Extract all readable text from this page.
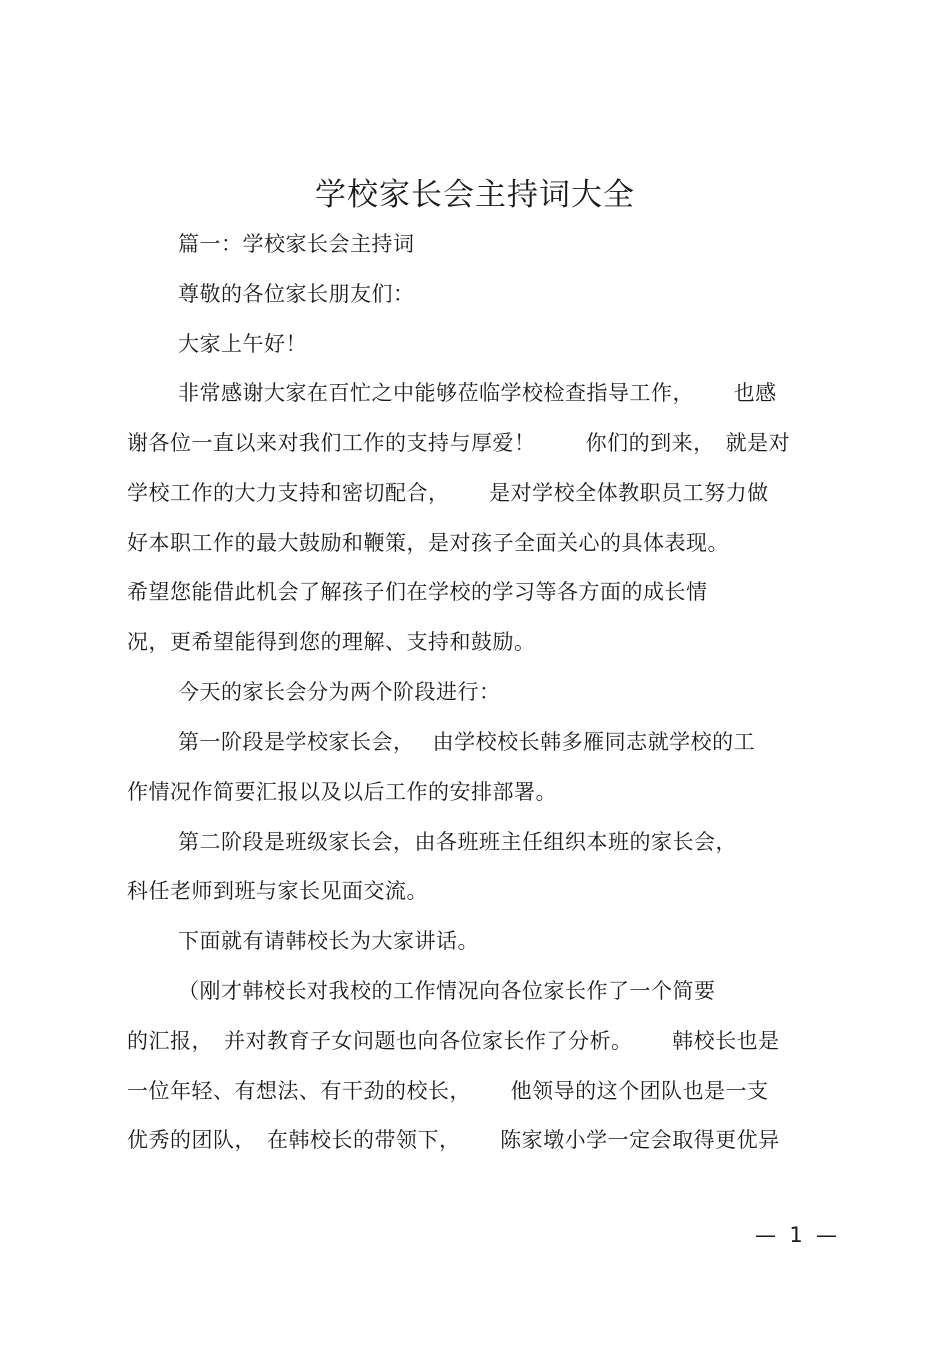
学校家长会主持词大全
篇一：学校家长会主持词
尊敬的各位家长朋友们：
大家上午好！
非常感谢大家在百忙之中能够莅临学校检查指导工作，　　 也感
谢各位一直以来对我们工作的支持与厚爱！　　 你们的到来，　就是对
学校工作的大力支持和密切配合，　　 是对学校全体教职员工努力做
好本职工作的最大鼓励和鞭策，是对孩子全面关心的具体表现。
希望您能借此机会了解孩子们在学校的学习等各方面的成长情
况，更希望能得到您的理解、支持和鼓励。
今天的家长会分为两个阶段进行：
第一阶段是学校家长会，　 由学校校长韩多雁同志就学校的工
作情况作简要汇报以及以后工作的安排部署。
第二阶段是班级家长会，由各班班主任组织本班的家长会，
科任老师到班与家长见面交流。
下面就有请韩校长为大家讲话。
（刚才韩校长对我校的工作情况向各位家长作了一个简要
的汇报，　并对教育子女问题也向各位家长作了分析。　　 韩校长也是
一位年轻、有想法、有干劲的校长，　　 他领导的这个团队也是一支
优秀的团队，　在韩校长的带领下，　　 陈家墩小学一定会取得更优异
—  1  —
